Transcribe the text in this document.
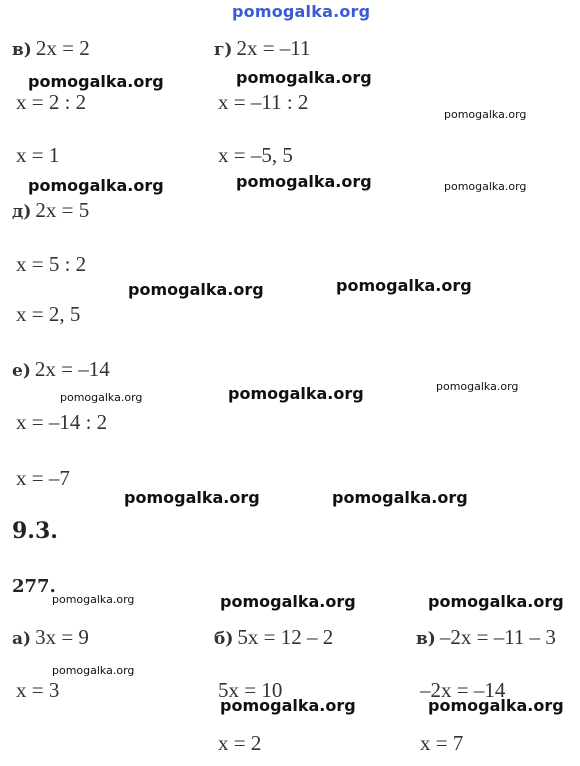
pomogalka.org
в) 2x = 2
x = 2 : 2
x = 1
г) 2x = –11
x = –11 : 2
x = –5, 5
д) 2x = 5
x = 5 : 2
x = 2, 5
е) 2x = –14
x = –14 : 2
x = –7
9.3.
277.
а) 3x = 9
x = 3
б) 5x = 12 – 2
5x = 10
x = 2
в) –2x = –11 – 3
–2x = –14
x = 7
pomogalka.org	pomogalka.org
pomogalka.org
pomogalka.org	pomogalka.org	pomogalka.org
pomogalka.org	pomogalka.org
pomogalka.org	pomogalka.org	pomogalka.org
pomogalka.org	pomogalka.org
pomogalka.org	pomogalka.org	pomogalka.org
pomogalka.org
pomogalka.org	pomogalka.org
